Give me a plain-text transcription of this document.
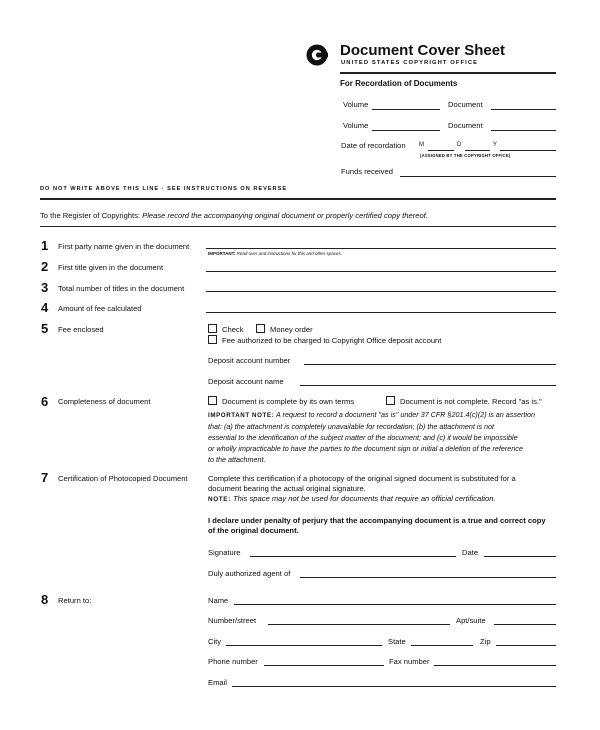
Document Cover Sheet
UNITED STATES COPYRIGHT OFFICE
For Recordation of Documents
Volume	Document
Volume	Document
Date of recordation M	D	Y
(ASSIGNED BY THE COPYRIGHT OFFICE)
Funds received
DO NOT WRITE ABOVE THIS LINE · SEE INSTRUCTIONS ON REVERSE
To the Register of Copyrights: Please record the accompanying original document or properly certified copy thereof.
1 First party name given in the document
IMPORTANT: Read over and instructions for this and other spaces.
2 First title given in the document
3 Total number of titles in the document
4 Amount of fee calculated
5 Fee enclosed	Check	Money order
Fee authorized to be charged to Copyright Office deposit account
Deposit account number
Deposit account name
6 Completeness of document	Document is complete by its own terms	Document is not complete. Record "as is."
IMPORTANT NOTE: A request to record a document "as is" under 37 CFR §201.4(c)(2) is an assertion
that: (a) the attachment is completely unavailable for recordation; (b) the attachment is not
essential to the identification of the subject matter of the document; and (c) it would be impossible
or wholly impracticable to have the parties to the document sign or initial a deletion of the reference
to the attachment.
7 Certification of Photocopied Document	Complete this certification if a photocopy of the original signed document is substituted for a
document bearing the actual original signature.
NOTE: This space may not be used for documents that require an official certification.
I declare under penalty of perjury that the accompanying document is a true and correct copy
of the original document.
Signature	Date
Duly authorized agent of
8 Return to:	Name
Number/street	Apt/suite
City	State	Zip
Phone number	Fax number
Email
